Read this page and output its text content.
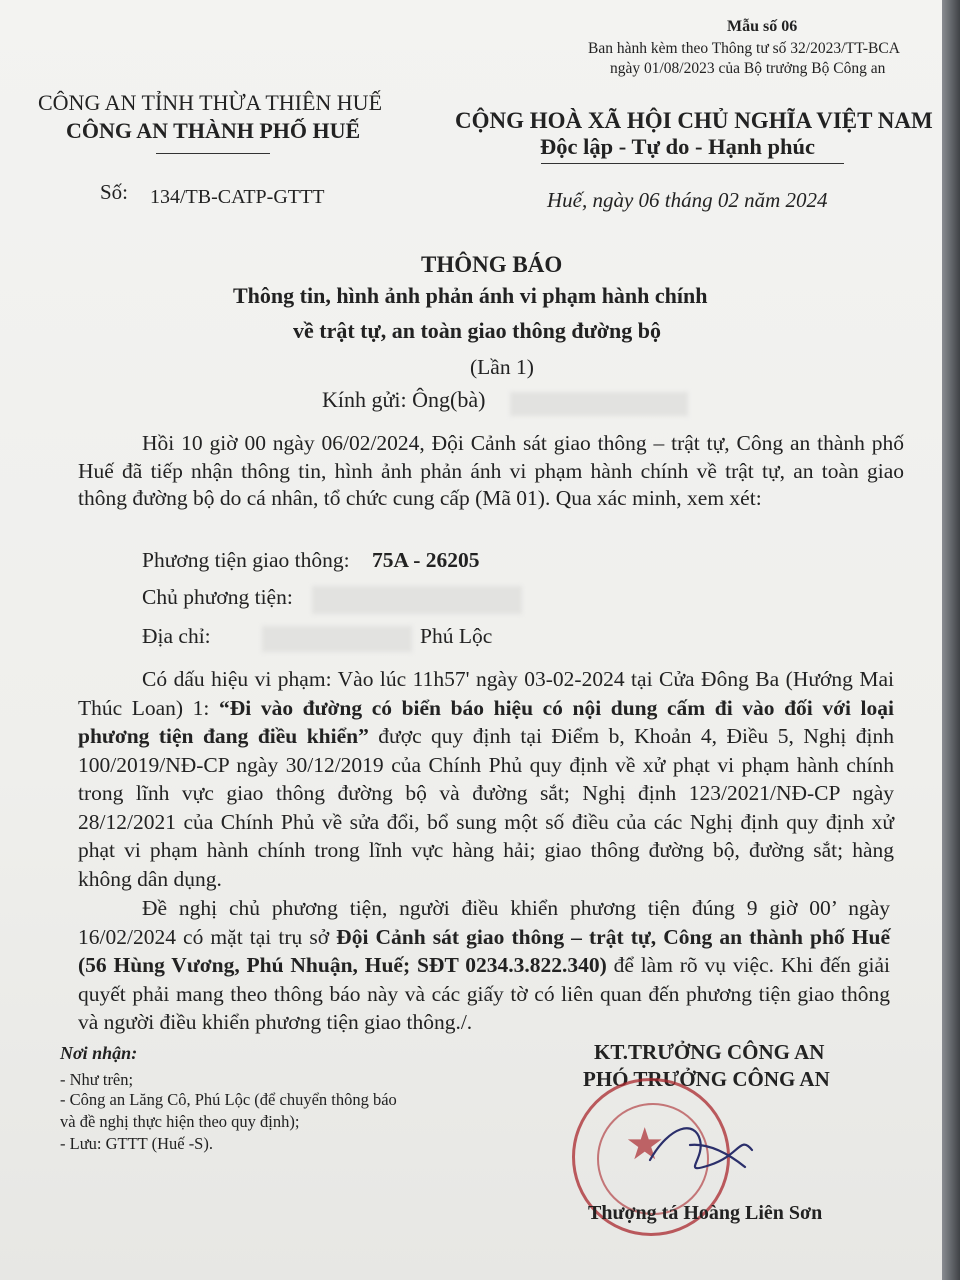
Mẫu số 06
Ban hành kèm theo Thông tư số 32/2023/TT-BCA
ngày 01/08/2023 của Bộ trưởng Bộ Công an
CÔNG AN TỈNH THỪA THIÊN HUẾ
CÔNG AN THÀNH PHỐ HUẾ
Số: 134/TB-CATP-GTTT
CỘNG HOÀ XÃ HỘI CHỦ NGHĨA VIỆT NAM
Độc lập - Tự do - Hạnh phúc
Huế, ngày 06 tháng 02 năm 2024
THÔNG BÁO
Thông tin, hình ảnh phản ánh vi phạm hành chính
về trật tự, an toàn giao thông đường bộ
(Lần 1)
Kính gửi: Ông(bà)
Hồi 10 giờ 00 ngày 06/02/2024, Đội Cảnh sát giao thông – trật tự, Công an thành phố Huế đã tiếp nhận thông tin, hình ảnh phản ánh vi phạm hành chính về trật tự, an toàn giao thông đường bộ do cá nhân, tổ chức cung cấp (Mã 01). Qua xác minh, xem xét:
Phương tiện giao thông: 75A - 26205
Chủ phương tiện:
Địa chỉ:	Phú Lộc
Có dấu hiệu vi phạm: Vào lúc 11h57' ngày 03-02-2024 tại Cửa Đông Ba (Hướng Mai Thúc Loan) 1: “Đi vào đường có biển báo hiệu có nội dung cấm đi vào đối với loại phương tiện đang điều khiển” được quy định tại Điểm b, Khoản 4, Điều 5, Nghị định 100/2019/NĐ-CP ngày 30/12/2019 của Chính Phủ quy định về xử phạt vi phạm hành chính trong lĩnh vực giao thông đường bộ và đường sắt; Nghị định 123/2021/NĐ-CP ngày 28/12/2021 của Chính Phủ về sửa đổi, bổ sung một số điều của các Nghị định quy định xử phạt vi phạm hành chính trong lĩnh vực hàng hải; giao thông đường bộ, đường sắt; hàng không dân dụng.
Đề nghị chủ phương tiện, người điều khiển phương tiện đúng 9 giờ 00’ ngày 16/02/2024 có mặt tại trụ sở Đội Cảnh sát giao thông – trật tự, Công an thành phố Huế (56 Hùng Vương, Phú Nhuận, Huế; SĐT 0234.3.822.340) để làm rõ vụ việc. Khi đến giải quyết phải mang theo thông báo này và các giấy tờ có liên quan đến phương tiện giao thông và người điều khiển phương tiện giao thông./.
Nơi nhận:
- Như trên;
- Công an Lăng Cô, Phú Lộc (để chuyển thông báo
và đề nghị thực hiện theo quy định);
- Lưu: GTTT (Huế -S).
KT.TRƯỞNG CÔNG AN
PHÓ TRƯỞNG CÔNG AN
★
Thượng tá Hoàng Liên Sơn
